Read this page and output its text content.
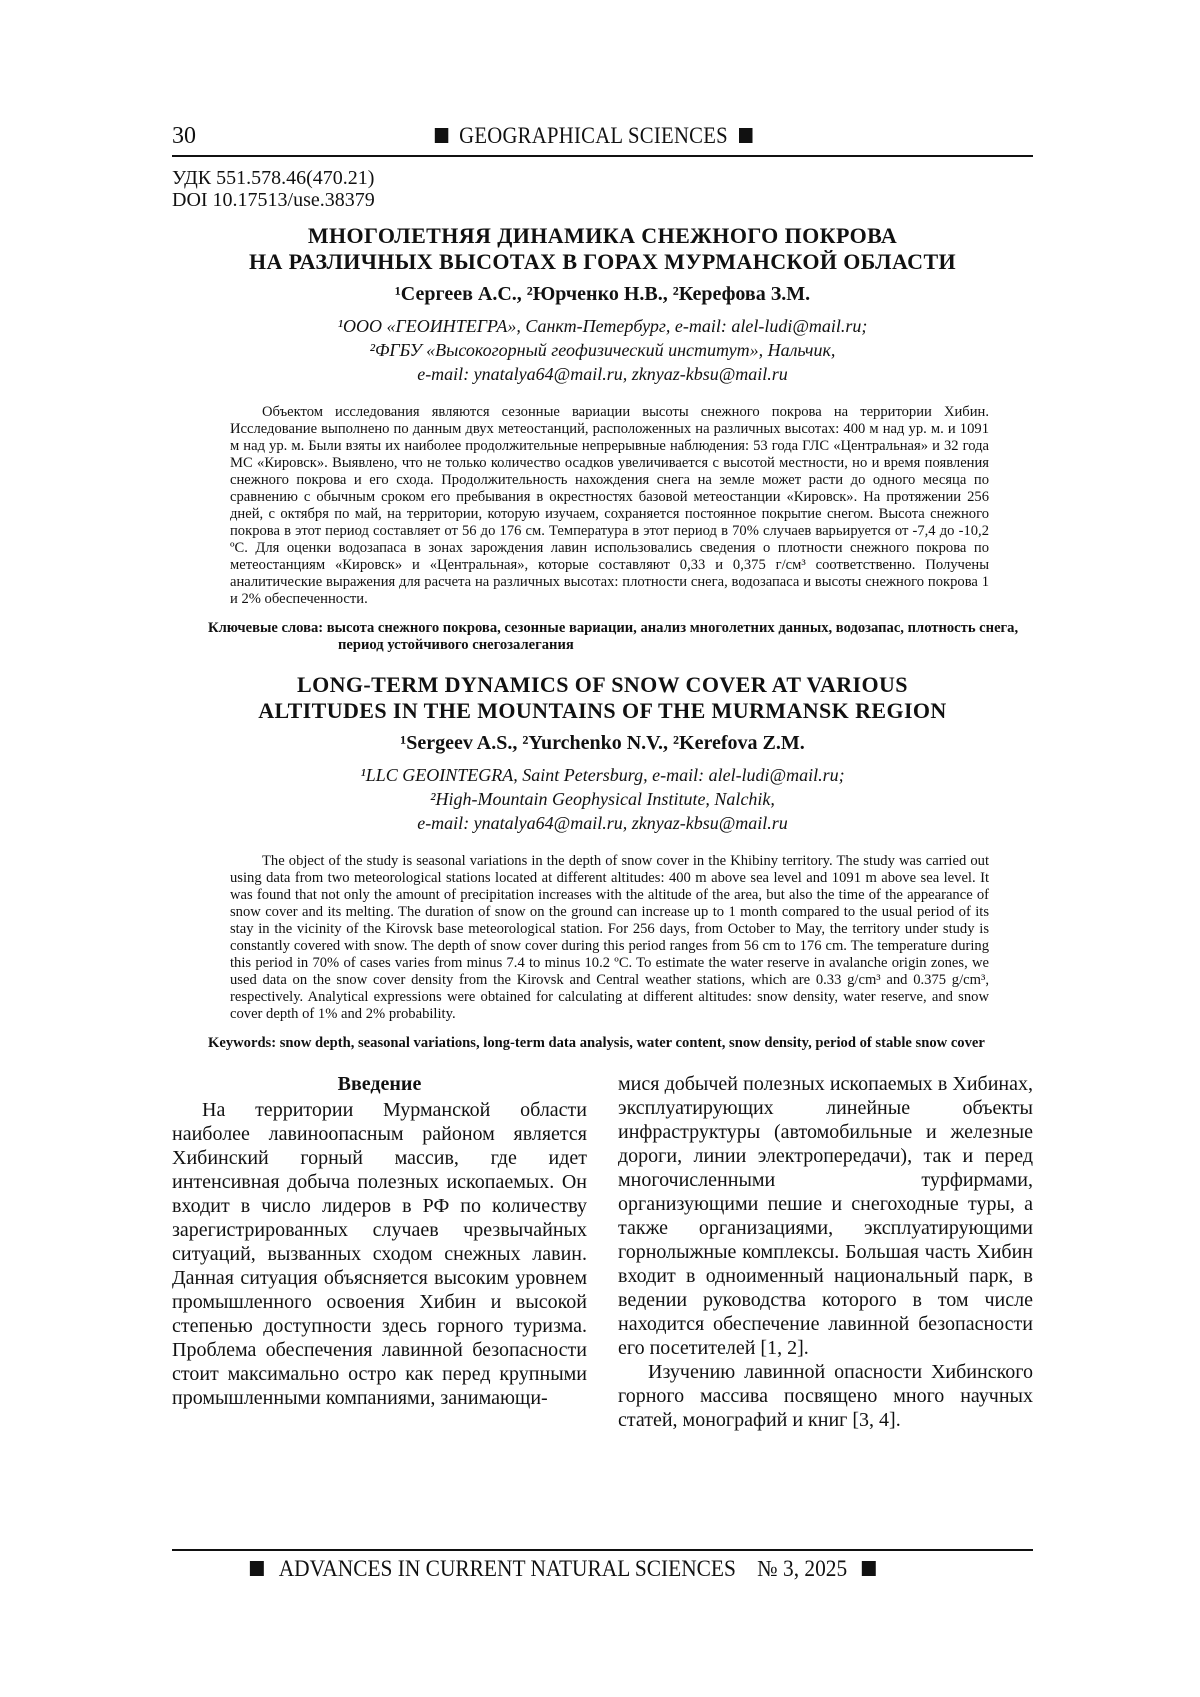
30	GEOGRAPHICAL SCIENCES
УДК 551.578.46(470.21)
DOI 10.17513/use.38379
МНОГОЛЕТНЯЯ ДИНАМИКА СНЕЖНОГО ПОКРОВА
НА РАЗЛИЧНЫХ ВЫСОТАХ В ГОРАХ МУРМАНСКОЙ ОБЛАСТИ
¹Сергеев А.С., ²Юрченко Н.В., ²Керефова З.М.
¹ООО «ГЕОИНТЕГРА», Санкт-Петербург, e-mail: alel-ludi@mail.ru;
²ФГБУ «Высокогорный геофизический институт», Нальчик,
e-mail: ynatalya64@mail.ru, zknyaz-kbsu@mail.ru
Объектом исследования являются сезонные вариации высоты снежного покрова на территории Хибин. Исследование выполнено по данным двух метеостанций, расположенных на различных высотах: 400 м над ур. м. и 1091 м над ур. м. Были взяты их наиболее продолжительные непрерывные наблюдения: 53 года ГЛС «Центральная» и 32 года МС «Кировск». Выявлено, что не только количество осадков увеличивается с высотой местности, но и время появления снежного покрова и его схода. Продолжительность нахождения снега на земле может расти до одного месяца по сравнению с обычным сроком его пребывания в окрестностях базовой метеостанции «Кировск». На протяжении 256 дней, с октября по май, на территории, которую изучаем, сохраняется постоянное покрытие снегом. Высота снежного покрова в этот период составляет от 56 до 176 см. Температура в этот период в 70% случаев варьируется от -7,4 до -10,2 ºС. Для оценки водозапаса в зонах зарождения лавин использовались сведения о плотности снежного покрова по метеостанциям «Кировск» и «Центральная», которые составляют 0,33 и 0,375 г/см³ соответственно. Получены аналитические выражения для расчета на различных высотах: плотности снега, водозапаса и высоты снежного покрова 1 и 2% обеспеченности.
Ключевые слова: высота снежного покрова, сезонные вариации, анализ многолетних данных, водозапас, плотность снега, период устойчивого снегозалегания
LONG-TERM DYNAMICS OF SNOW COVER AT VARIOUS
ALTITUDES IN THE MOUNTAINS OF THE MURMANSK REGION
¹Sergeev A.S., ²Yurchenko N.V., ²Kerefova Z.M.
¹LLC GEOINTEGRA, Saint Petersburg, e-mail: alel-ludi@mail.ru;
²High-Mountain Geophysical Institute, Nalchik,
e-mail: ynatalya64@mail.ru, zknyaz-kbsu@mail.ru
The object of the study is seasonal variations in the depth of snow cover in the Khibiny territory. The study was carried out using data from two meteorological stations located at different altitudes: 400 m above sea level and 1091 m above sea level. It was found that not only the amount of precipitation increases with the altitude of the area, but also the time of the appearance of snow cover and its melting. The duration of snow on the ground can increase up to 1 month compared to the usual period of its stay in the vicinity of the Kirovsk base meteorological station. For 256 days, from October to May, the territory under study is constantly covered with snow. The depth of snow cover during this period ranges from 56 cm to 176 cm. The temperature during this period in 70% of cases varies from minus 7.4 to minus 10.2 ºC. To estimate the water reserve in avalanche origin zones, we used data on the snow cover density from the Kirovsk and Central weather stations, which are 0.33 g/cm³ and 0.375 g/cm³, respectively. Analytical expressions were obtained for calculating at different altitudes: snow density, water reserve, and snow cover depth of 1% and 2% probability.
Keywords: snow depth, seasonal variations, long-term data analysis, water content, snow density, period of stable snow cover
Введение

На территории Мурманской области наиболее лавиноопасным районом является Хибинский горный массив, где идет интенсивная добыча полезных ископаемых. Он входит в число лидеров в РФ по количеству зарегистрированных случаев чрезвычайных ситуаций, вызванных сходом снежных лавин. Данная ситуация объясняется высоким уровнем промышленного освоения Хибин и высокой степенью доступности здесь горного туризма. Проблема обеспечения лавинной безопасности стоит максимально остро как перед крупными промышленными компаниями, занимающи-

мися добычей полезных ископаемых в Хибинах, эксплуатирующих линейные объекты инфраструктуры (автомобильные и железные дороги, линии электропередачи), так и перед многочисленными турфирмами, организующими пешие и снегоходные туры, а также организациями, эксплуатирующими горнолыжные комплексы. Большая часть Хибин входит в одноименный национальный парк, в ведении руководства которого в том числе находится обеспечение лавинной безопасности его посетителей [1, 2].

Изучению лавинной опасности Хибинского горного массива посвящено много научных статей, монографий и книг [3, 4].

ADVANCES IN CURRENT NATURAL SCIENCES № 3, 2025
